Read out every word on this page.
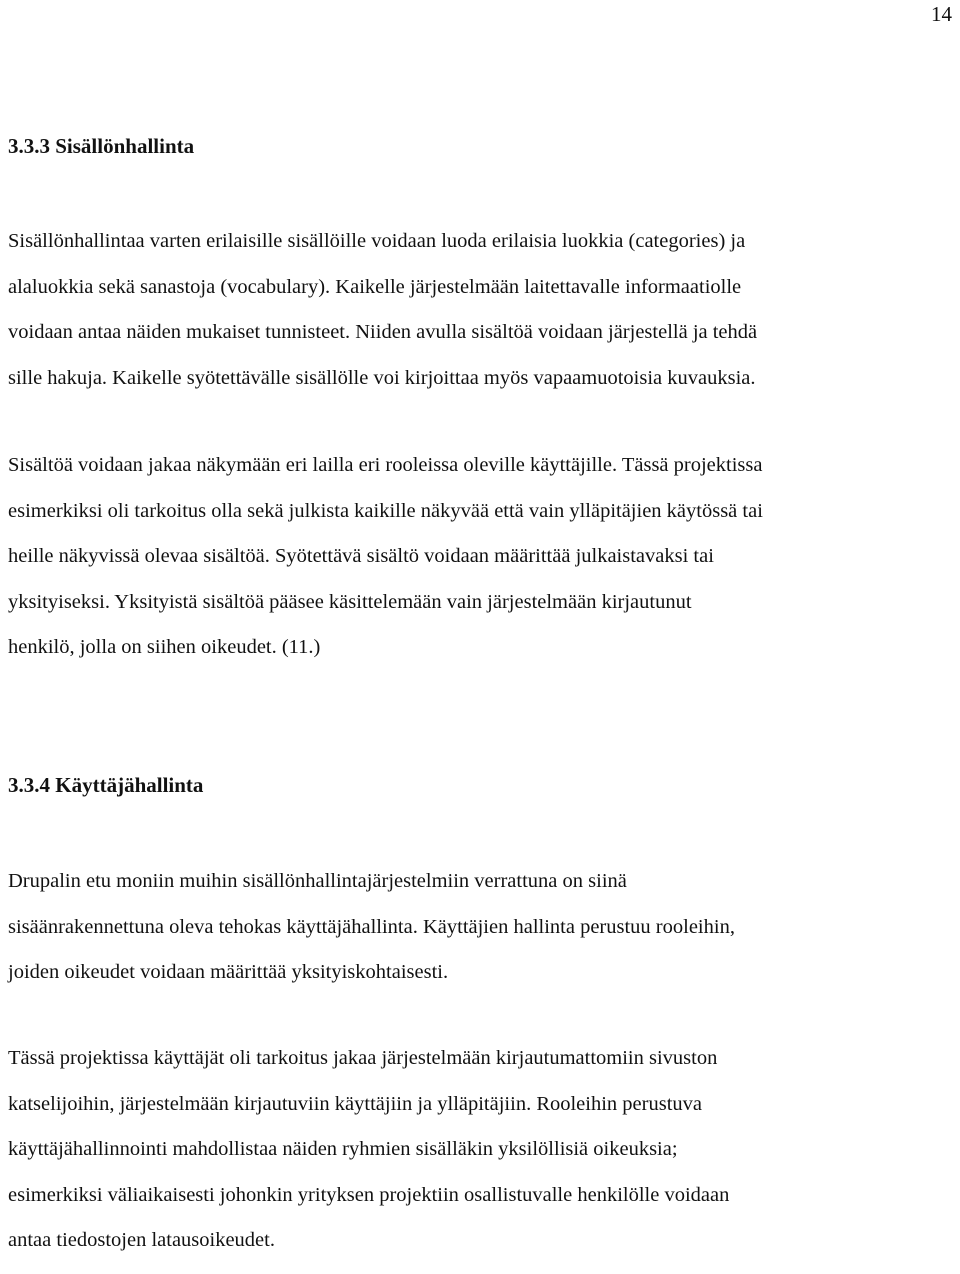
14
3.3.3 Sisällönhallinta

Sisällönhallintaa varten erilaisille sisällöille voidaan luoda erilaisia luokkia (categories) ja
alaluokkia sekä sanastoja (vocabulary). Kaikelle järjestelmään laitettavalle informaatiolle
voidaan antaa näiden mukaiset tunnisteet. Niiden avulla sisältöä voidaan järjestellä ja tehdä
sille hakuja. Kaikelle syötettävälle sisällölle voi kirjoittaa myös vapaamuotoisia kuvauksia.

Sisältöä voidaan jakaa näkymään eri lailla eri rooleissa oleville käyttäjille. Tässä projektissa
esimerkiksi oli tarkoitus olla sekä julkista kaikille näkyvää että vain ylläpitäjien käytössä tai
heille näkyvissä olevaa sisältöä. Syötettävä sisältö voidaan määrittää julkaistavaksi tai
yksityiseksi. Yksityistä sisältöä pääsee käsittelemään vain järjestelmään kirjautunut
henkilö, jolla on siihen oikeudet. (11.)

3.3.4 Käyttäjähallinta

Drupalin etu moniin muihin sisällönhallintajärjestelmiin verrattuna on siinä
sisäänrakennettuna oleva tehokas käyttäjähallinta. Käyttäjien hallinta perustuu rooleihin,
joiden oikeudet voidaan määrittää yksityiskohtaisesti.

Tässä projektissa käyttäjät oli tarkoitus jakaa järjestelmään kirjautumattomiin sivuston
katselijoihin, järjestelmään kirjautuviin käyttäjiin ja ylläpitäjiin. Rooleihin perustuva
käyttäjähallinnointi mahdollistaa näiden ryhmien sisälläkin yksilöllisiä oikeuksia;
esimerkiksi väliaikaisesti johonkin yrityksen projektiin osallistuvalle henkilölle voidaan
antaa tiedostojen latausoikeudet.
